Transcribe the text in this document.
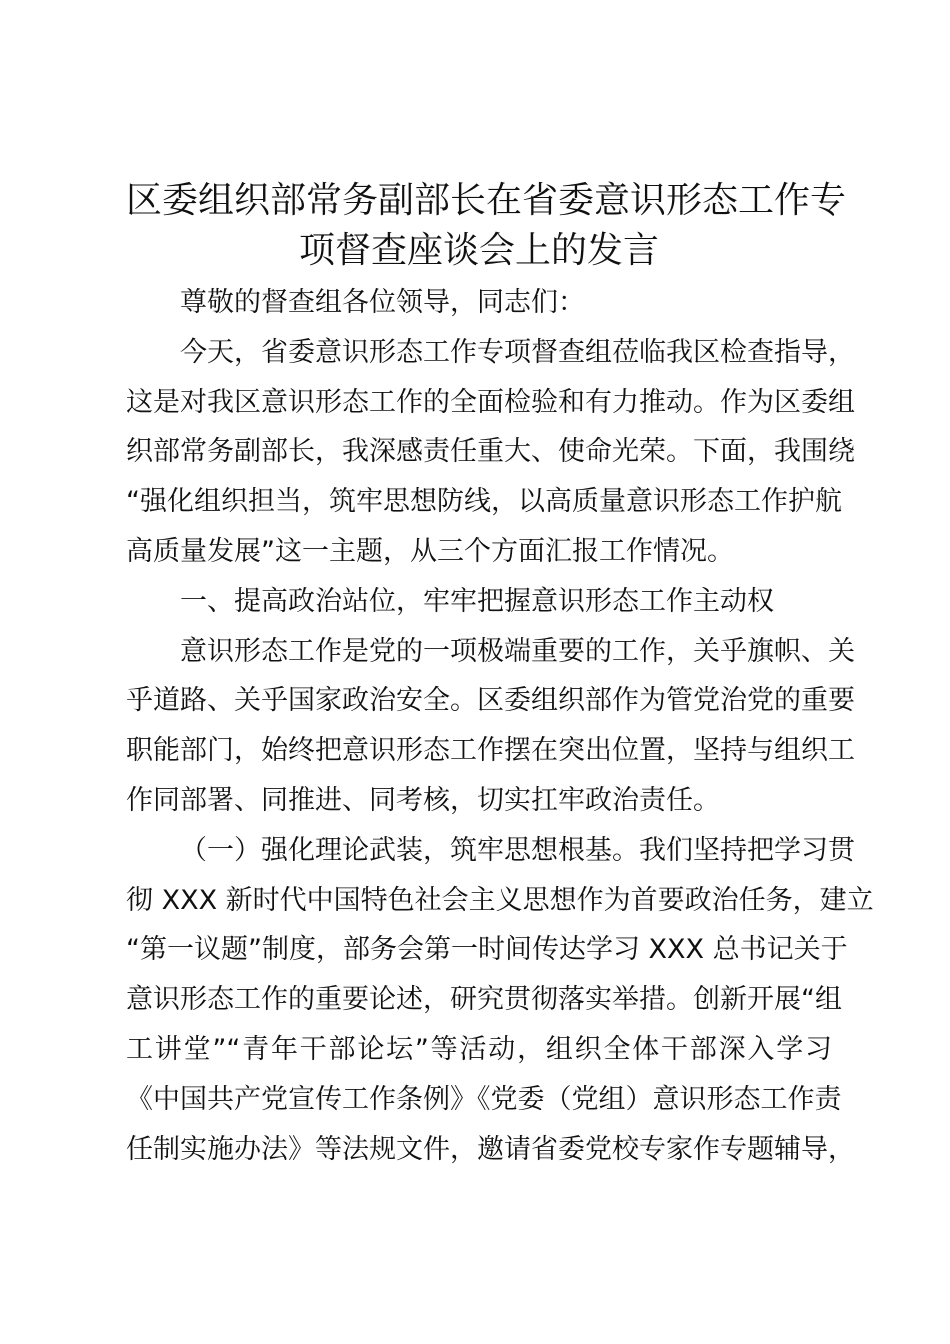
区委组织部常务副部长在省委意识形态工作专
项督查座谈会上的发言
尊敬的督查组各位领导，同志们：
今天，省委意识形态工作专项督查组莅临我区检查指导，
这是对我区意识形态工作的全面检验和有力推动。作为区委组
织部常务副部长，我深感责任重大、使命光荣。下面，我围绕
“强化组织担当，筑牢思想防线，以高质量意识形态工作护航
高质量发展”这一主题，从三个方面汇报工作情况。
一、提高政治站位，牢牢把握意识形态工作主动权
意识形态工作是党的一项极端重要的工作，关乎旗帜、关
乎道路、关乎国家政治安全。区委组织部作为管党治党的重要
职能部门，始终把意识形态工作摆在突出位置，坚持与组织工
作同部署、同推进、同考核，切实扛牢政治责任。
（一）强化理论武装，筑牢思想根基。我们坚持把学习贯
彻 XXX 新时代中国特色社会主义思想作为首要政治任务，建立
“第一议题”制度，部务会第一时间传达学习 XXX 总书记关于
意识形态工作的重要论述，研究贯彻落实举措。创新开展“组
工讲堂”“青年干部论坛”等活动，组织全体干部深入学习
《中国共产党宣传工作条例》《党委（党组）意识形态工作责
任制实施办法》等法规文件，邀请省委党校专家作专题辅导，
